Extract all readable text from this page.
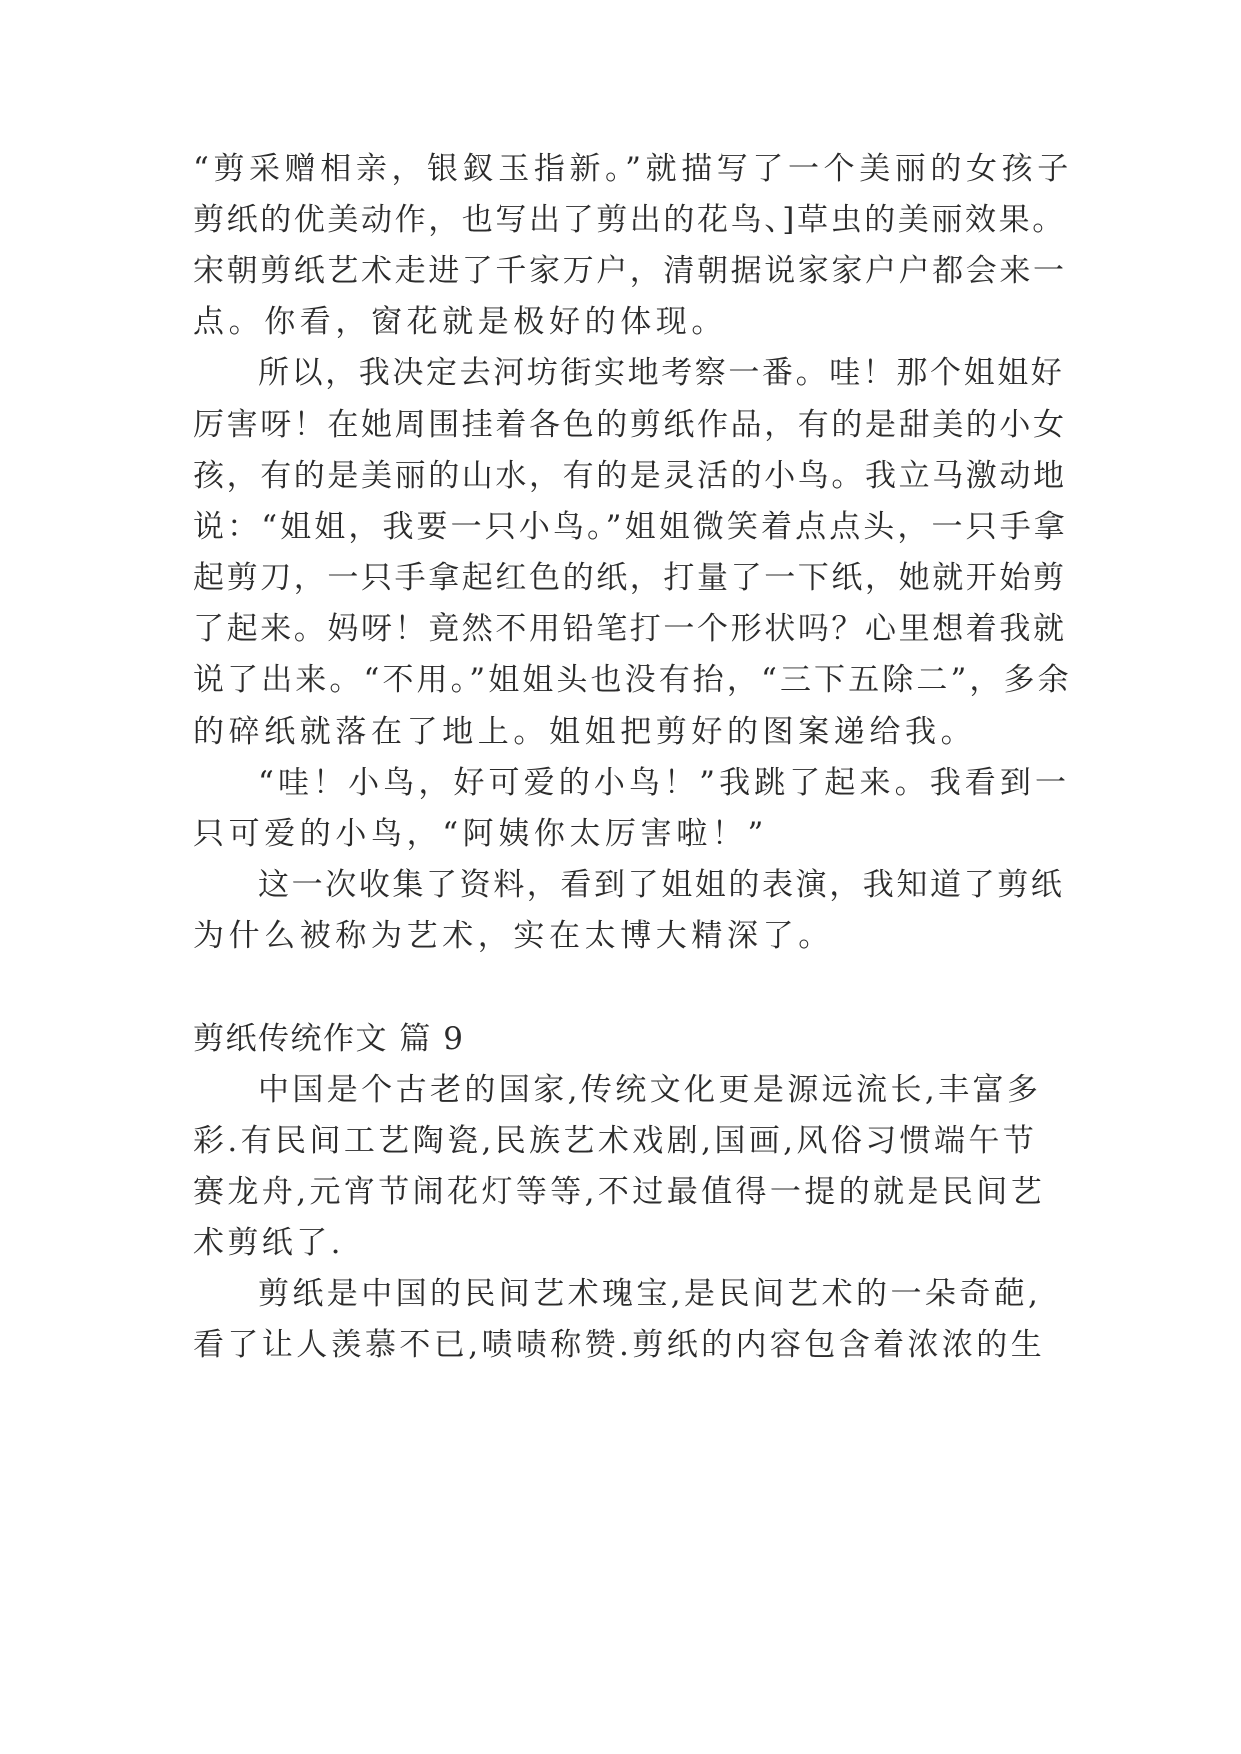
“剪采赠相亲，银釵玉指新。”就描写了一个美丽的女孩子
剪纸的优美动作，也写出了剪出的花鸟、]草虫的美丽效果。
宋朝剪纸艺术走进了千家万户，清朝据说家家户户都会来一
点。你看，窗花就是极好的体现。
所以，我决定去河坊街实地考察一番。哇！那个姐姐好
厉害呀！在她周围挂着各色的剪纸作品，有的是甜美的小女
孩，有的是美丽的山水，有的是灵活的小鸟。我立马激动地
说：“姐姐，我要一只小鸟。”姐姐微笑着点点头，一只手拿
起剪刀，一只手拿起红色的纸，打量了一下纸，她就开始剪
了起来。妈呀！竟然不用铅笔打一个形状吗？心里想着我就
说了出来。“不用。”姐姐头也没有抬，“三下五除二”，多余
的碎纸就落在了地上。姐姐把剪好的图案递给我。
“哇！小鸟，好可爱的小鸟！”我跳了起来。我看到一
只可爱的小鸟，“阿姨你太厉害啦！”
这一次收集了资料，看到了姐姐的表演，我知道了剪纸
为什么被称为艺术，实在太博大精深了。
剪纸传统作文 篇 9
中国是个古老的国家,传统文化更是源远流长,丰富多
彩.有民间工艺陶瓷,民族艺术戏剧,国画,风俗习惯端午节
赛龙舟,元宵节闹花灯等等,不过最值得一提的就是民间艺
术剪纸了.
剪纸是中国的民间艺术瑰宝,是民间艺术的一朵奇葩,
看了让人羡慕不已,啧啧称赞.剪纸的内容包含着浓浓的生
